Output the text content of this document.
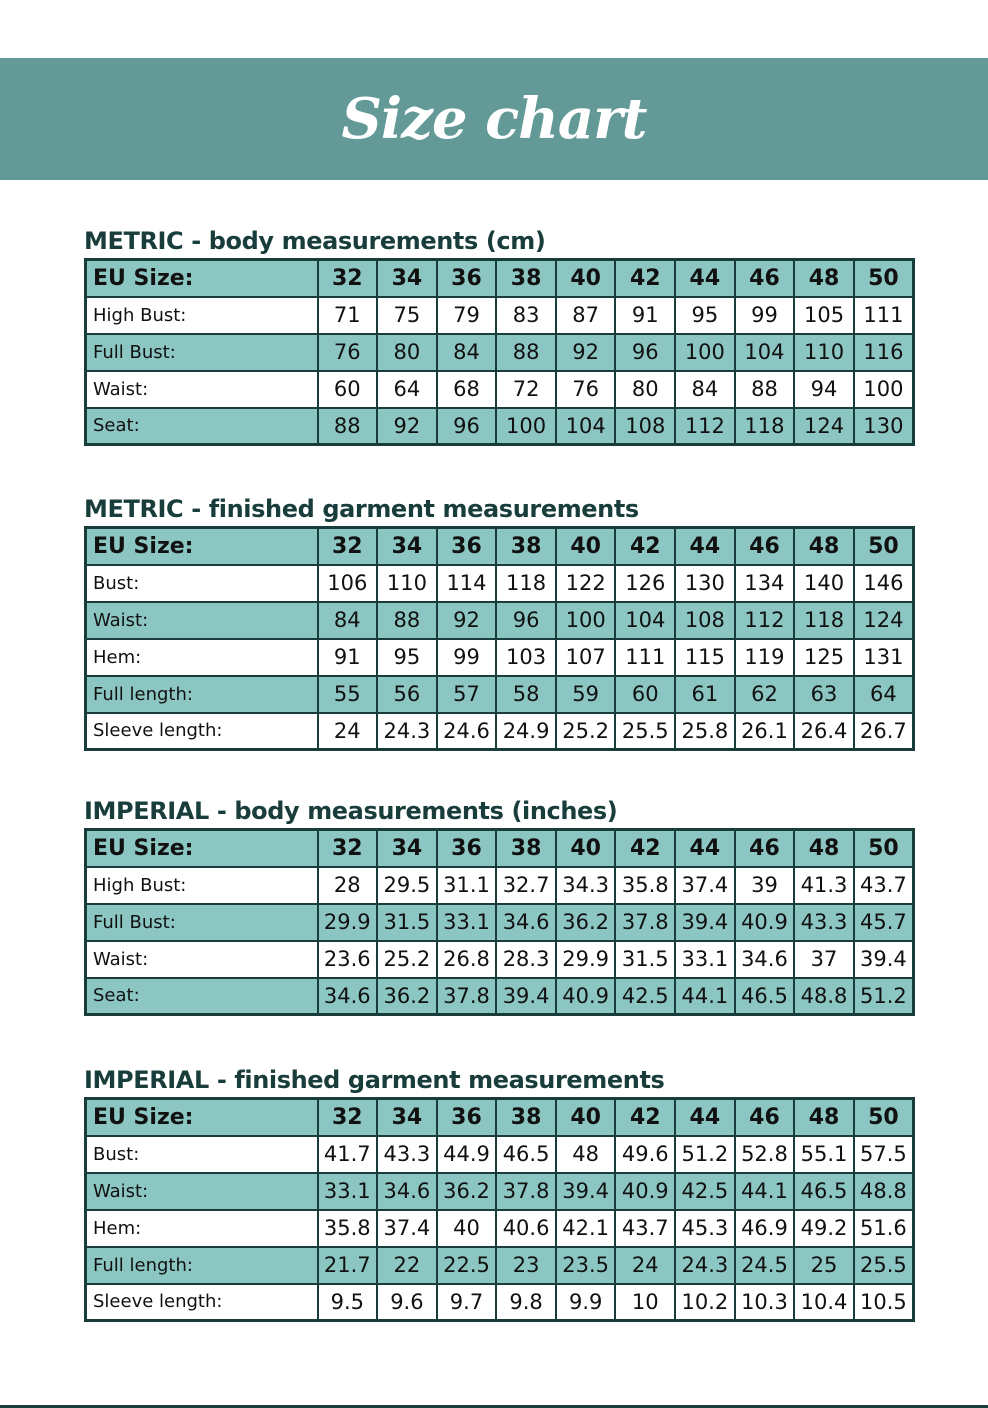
Size chart
METRIC - body measurements (cm)
EU Size:	32	34	36	38	40	42	44	46	48	50
High Bust:	71	75	79	83	87	91	95	99	105	111
Full Bust:	76	80	84	88	92	96	100	104	110	116
Waist:	60	64	68	72	76	80	84	88	94	100
Seat:	88	92	96	100	104	108	112	118	124	130
METRIC - finished garment measurements
EU Size:	32	34	36	38	40	42	44	46	48	50
Bust:	106	110	114	118	122	126	130	134	140	146
Waist:	84	88	92	96	100	104	108	112	118	124
Hem:	91	95	99	103	107	111	115	119	125	131
Full length:	55	56	57	58	59	60	61	62	63	64
Sleeve length:	24	24.3	24.6	24.9	25.2	25.5	25.8	26.1	26.4	26.7
IMPERIAL - body measurements (inches)
EU Size:	32	34	36	38	40	42	44	46	48	50
High Bust:	28	29.5	31.1	32.7	34.3	35.8	37.4	39	41.3	43.7
Full Bust:	29.9	31.5	33.1	34.6	36.2	37.8	39.4	40.9	43.3	45.7
Waist:	23.6	25.2	26.8	28.3	29.9	31.5	33.1	34.6	37	39.4
Seat:	34.6	36.2	37.8	39.4	40.9	42.5	44.1	46.5	48.8	51.2
IMPERIAL - finished garment measurements
EU Size:	32	34	36	38	40	42	44	46	48	50
Bust:	41.7	43.3	44.9	46.5	48	49.6	51.2	52.8	55.1	57.5
Waist:	33.1	34.6	36.2	37.8	39.4	40.9	42.5	44.1	46.5	48.8
Hem:	35.8	37.4	40	40.6	42.1	43.7	45.3	46.9	49.2	51.6
Full length:	21.7	22	22.5	23	23.5	24	24.3	24.5	25	25.5
Sleeve length:	9.5	9.6	9.7	9.8	9.9	10	10.2	10.3	10.4	10.5
